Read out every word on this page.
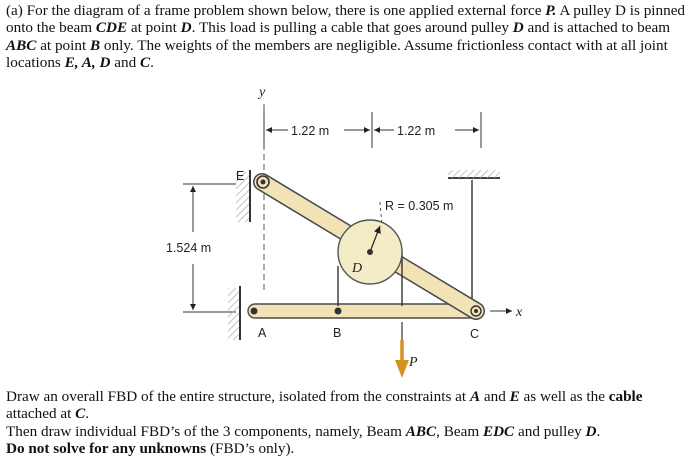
(a) For the diagram of a frame problem shown below, there is one applied external force P. A pulley D is pinned onto the beam CDE at point D. This load is pulling a cable that goes around pulley D and is attached to beam ABC at point B only. The weights of the members are negligible. Assume frictionless contact with at all joint locations E, A, D and C.

y
1.22 m	1.22 m
1.524 m
E
A	B	C
D
R = 0.305 m
x
P

Draw an overall FBD of the entire structure, isolated from the constraints at A and E as well as the cable attached at C.
Then draw individual FBD’s of the 3 components, namely, Beam ABC, Beam EDC and pulley D.
Do not solve for any unknowns (FBD’s only).
